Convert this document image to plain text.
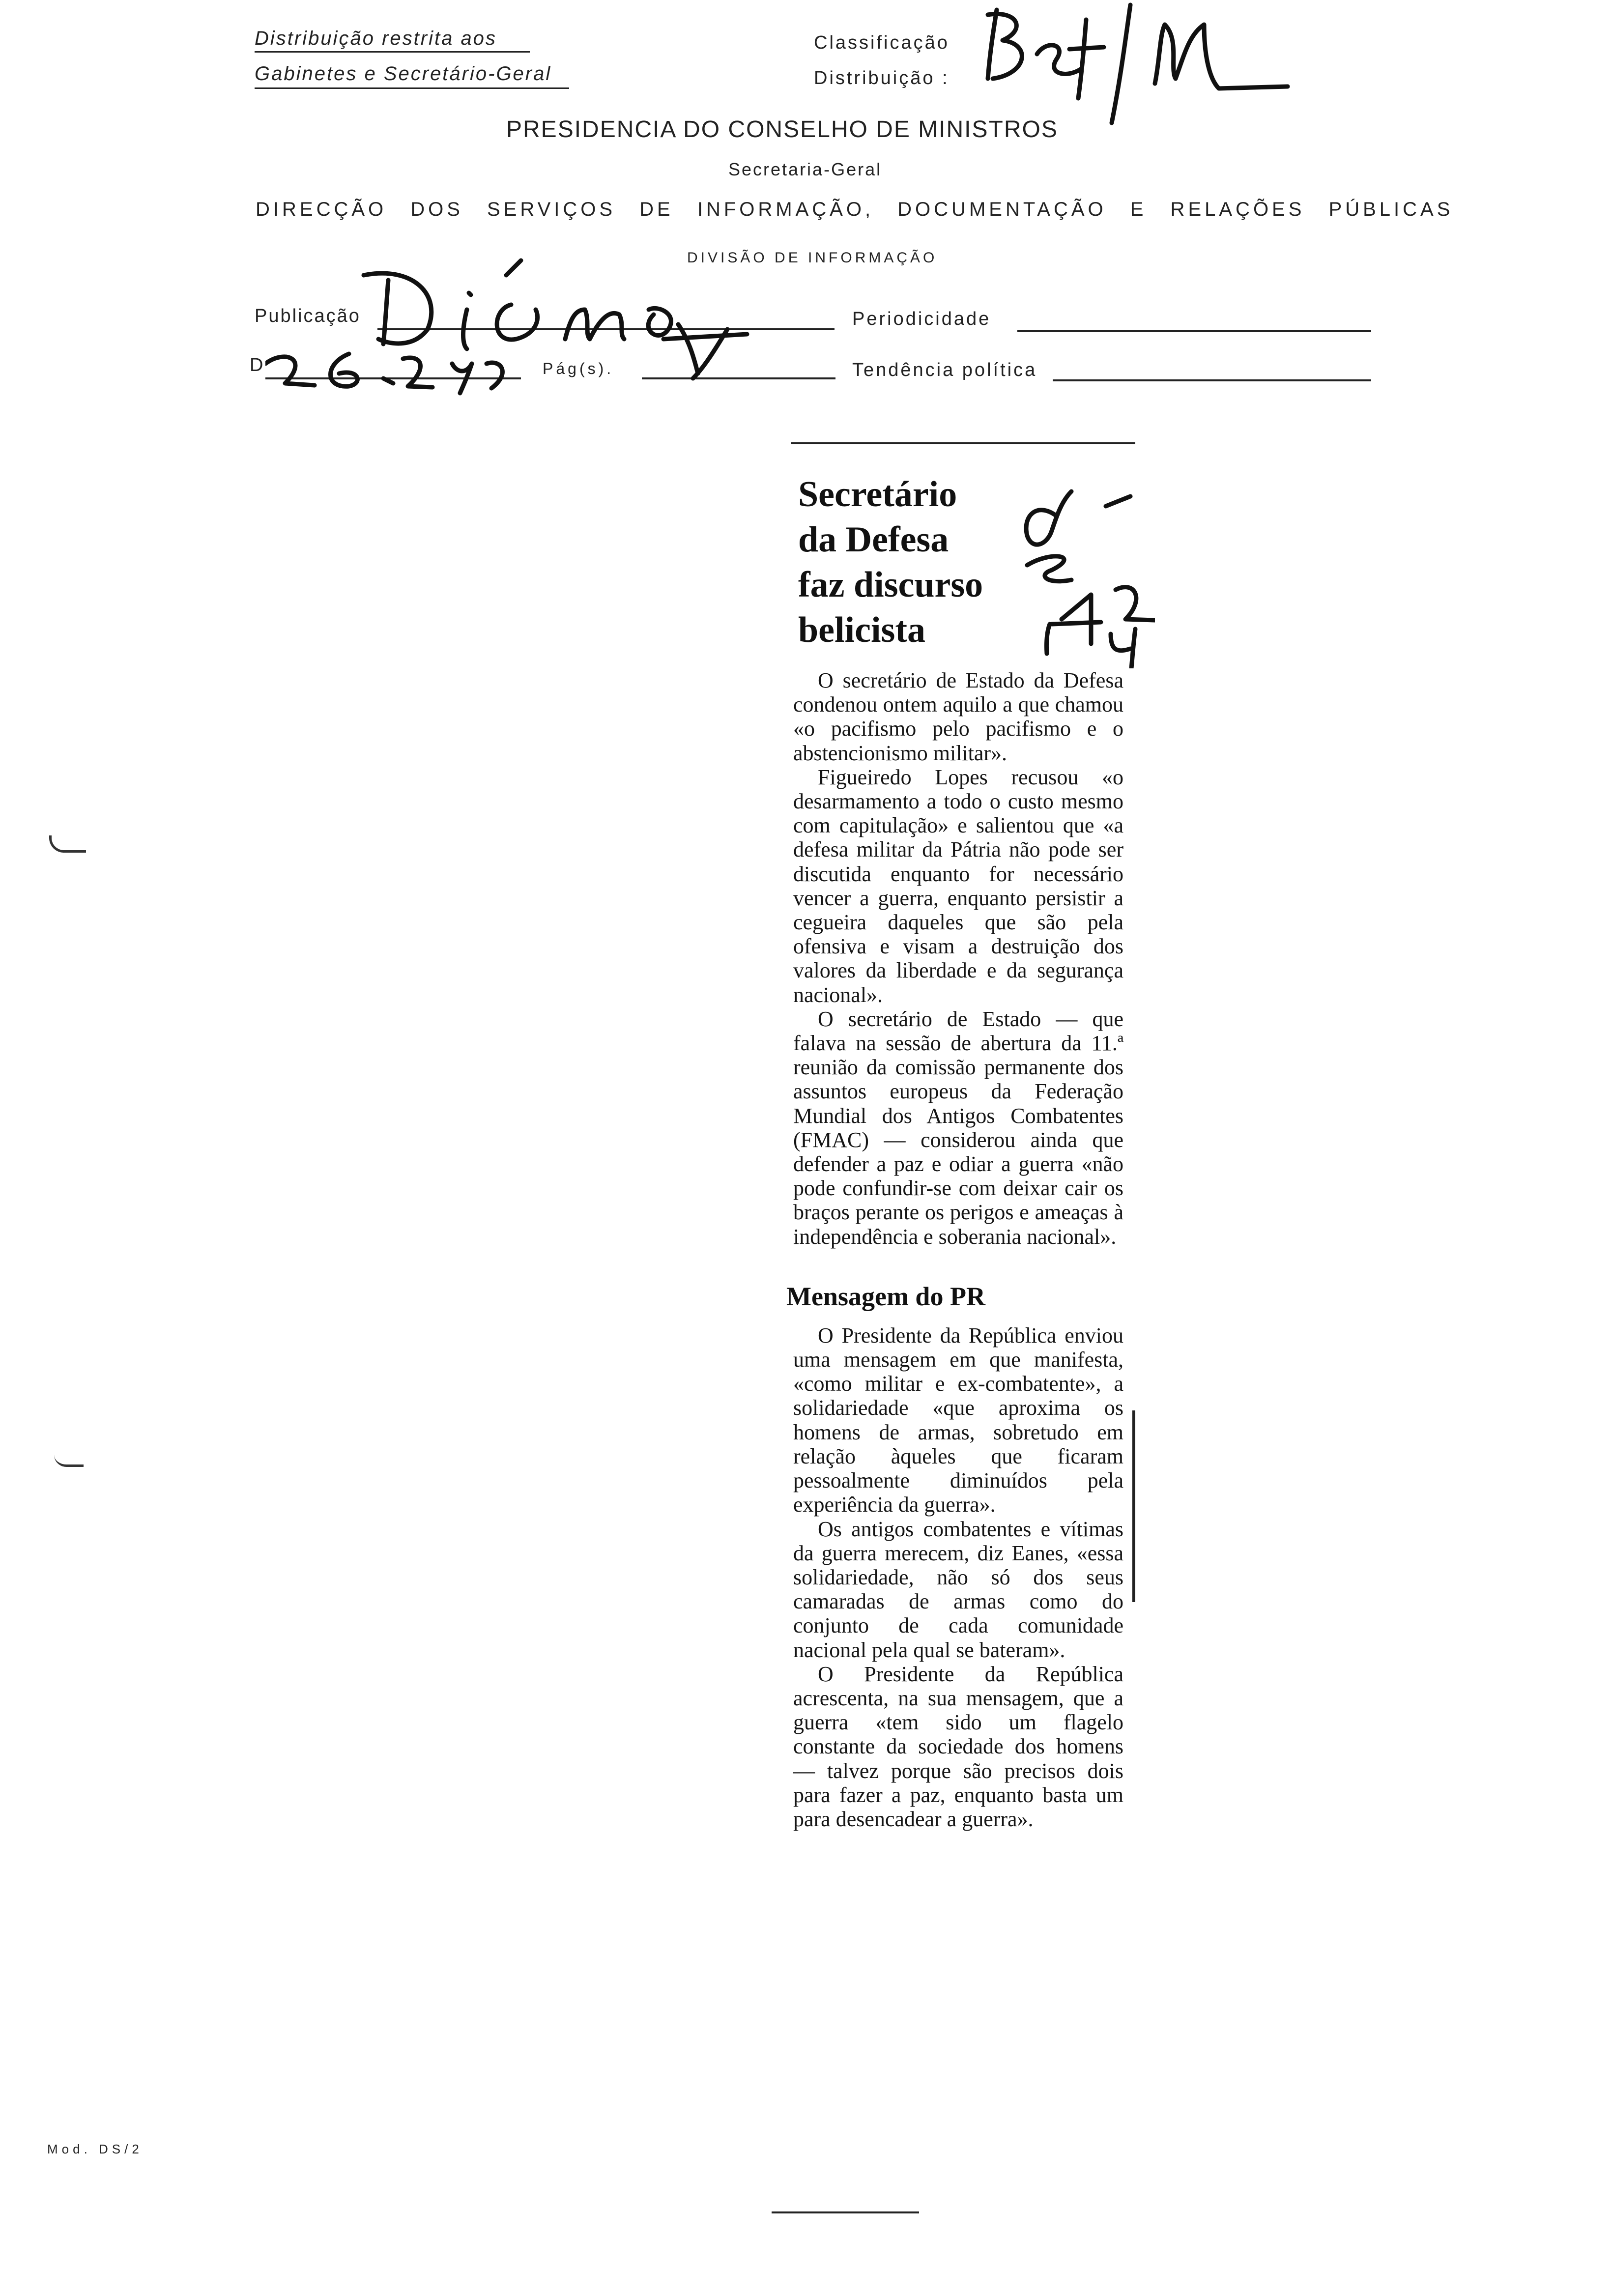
Distribuição restrita aos
Gabinetes e Secretário-Geral
Classificação
Distribuição :
PRESIDENCIA DO CONSELHO DE MINISTROS
Secretaria-Geral
DIRECÇÃO DOS SERVIÇOS DE INFORMAÇÃO, DOCUMENTAÇÃO E RELAÇÕES PÚBLICAS
DIVISÃO DE INFORMAÇÃO
Publicação	Periodicidade
D	Pág(s).	Tendência política
Secretário
da Defesa
faz discurso
belicista

O secretário de Estado da Defesa condenou ontem aquilo a que chamou «o pacifismo pelo pacifismo e o abstencionismo militar».

Figueiredo Lopes recusou «o desarmamento a todo o custo mesmo com capitulação» e salientou que «a defesa militar da Pátria não pode ser discutida enquanto for necessário vencer a guerra, enquanto persistir a cegueira daqueles que são pela ofensiva e visam a destruição dos valores da liberdade e da segurança nacional».

O secretário de Estado — que falava na sessão de abertura da 11.ª reunião da comissão permanente dos assuntos europeus da Federação Mundial dos Antigos Combatentes (FMAC) — considerou ainda que defender a paz e odiar a guerra «não pode confundir-se com deixar cair os braços perante os perigos e ameaças à independência e soberania nacional».

Mensagem do PR

O Presidente da República enviou uma mensagem em que manifesta, «como militar e ex-combatente», a solidariedade «que aproxima os homens de armas, sobretudo em relação àqueles que ficaram pessoalmente diminuídos pela experiência da guerra».

Os antigos combatentes e vítimas da guerra merecem, diz Eanes, «essa solidariedade, não só dos seus camaradas de armas como do conjunto de cada comunidade nacional pela qual se bateram».

O Presidente da República acrescenta, na sua mensagem, que a guerra «tem sido um flagelo constante da sociedade dos homens — talvez porque são precisos dois para fazer a paz, enquanto basta um para desencadear a guerra».

Mod. DS/2
